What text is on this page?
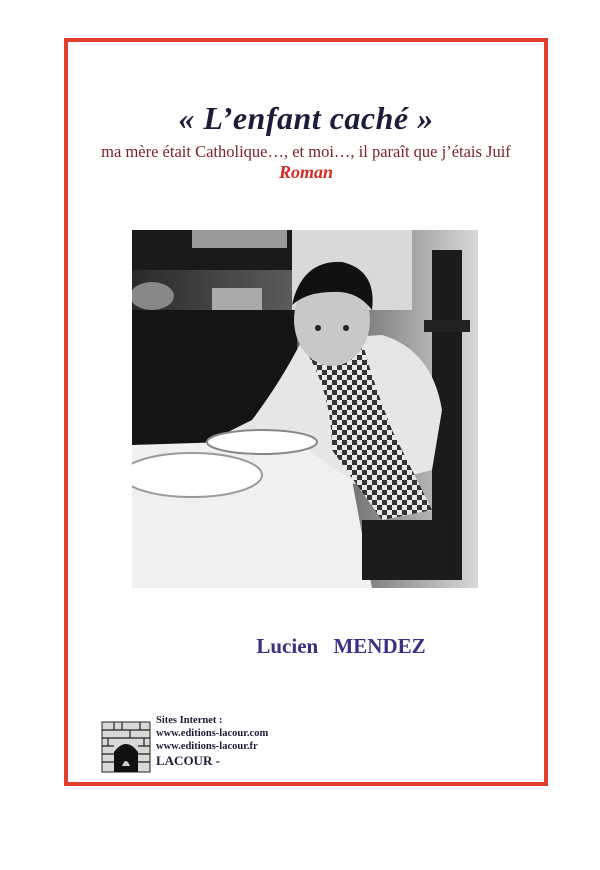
« L’enfant caché »
ma mère était Catholique…, et moi…, il paraît que j’étais Juif
Roman
Lucien MENDEZ
Sites Internet :
www.editions-lacour.com
www.editions-lacour.fr
LACOUR -
